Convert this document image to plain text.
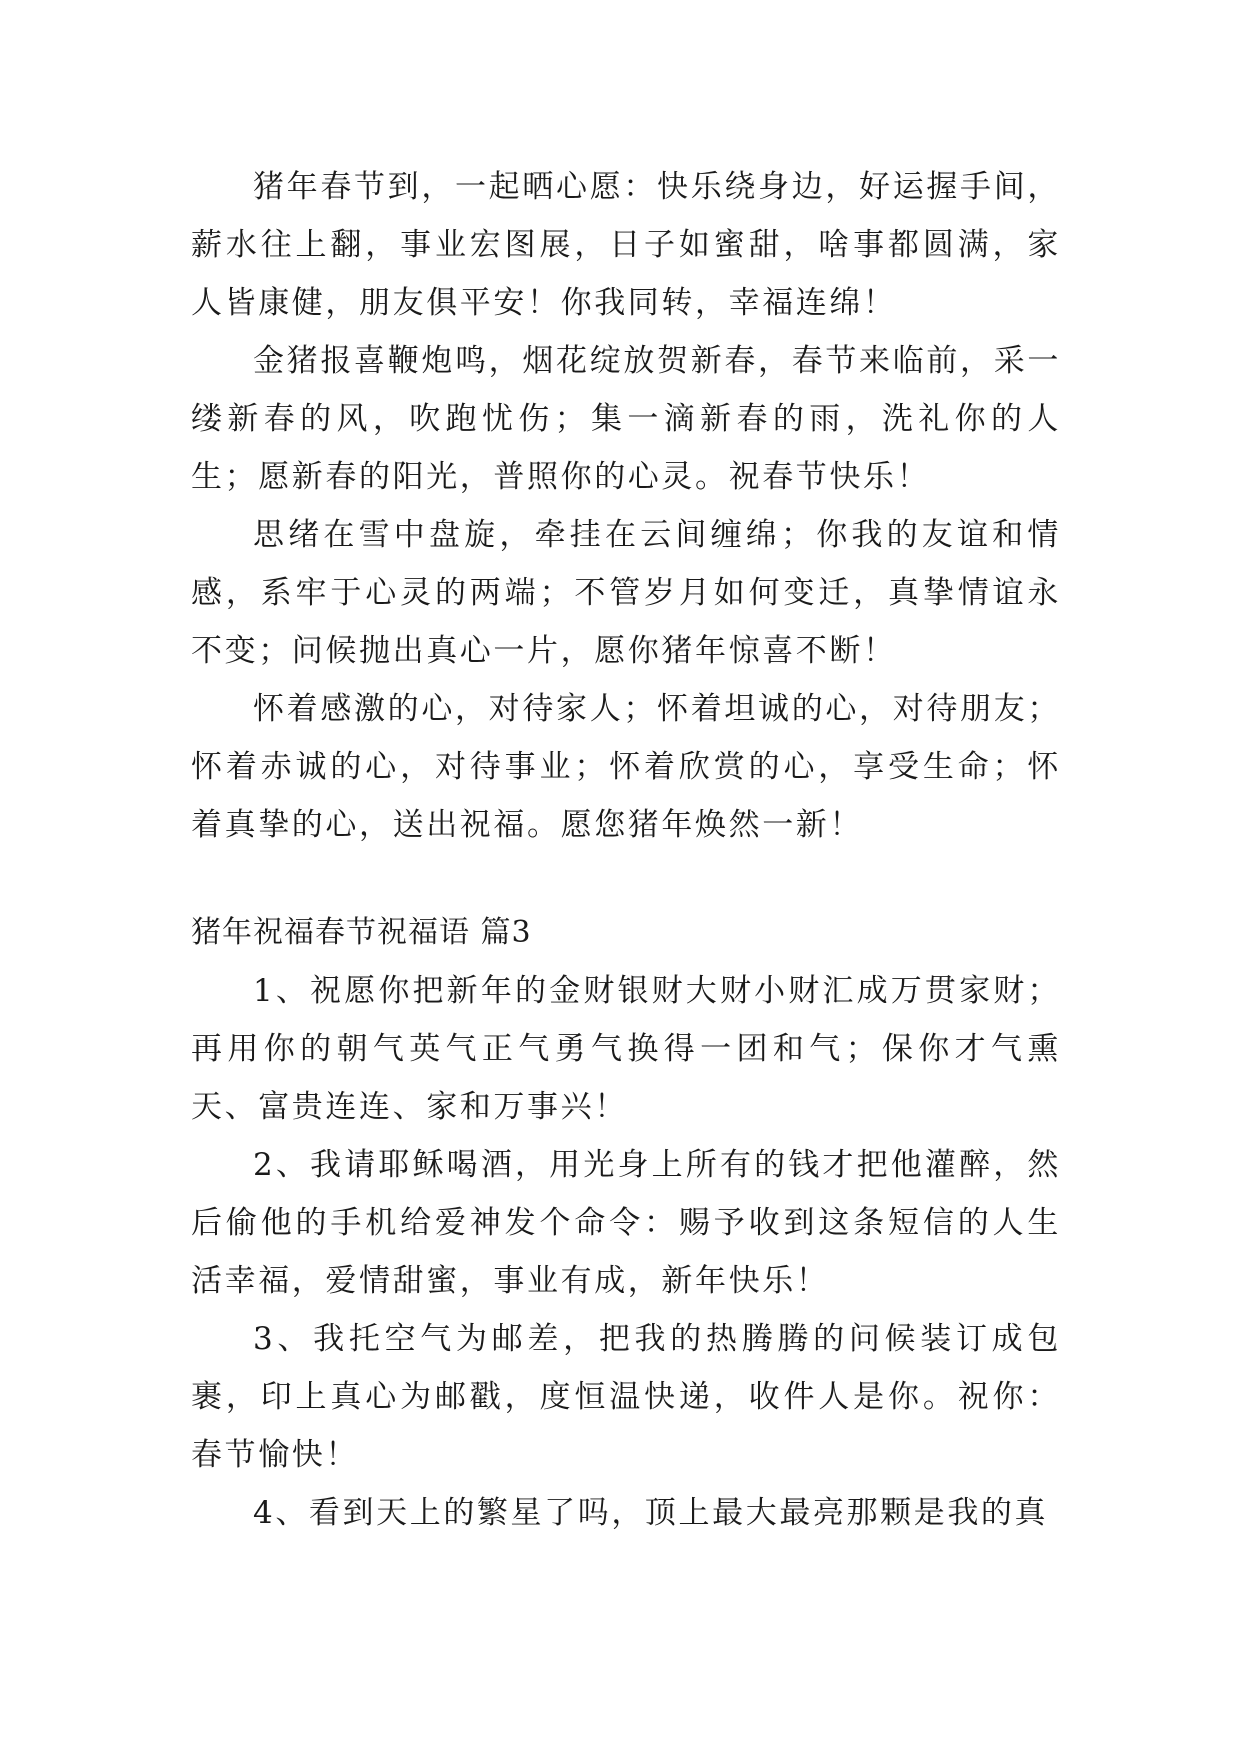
猪年春节到，一起晒心愿：快乐绕身边，好运握手间，薪水往上翻，事业宏图展，日子如蜜甜，啥事都圆满，家人皆康健，朋友俱平安！你我同转，幸福连绵！

金猪报喜鞭炮鸣，烟花绽放贺新春，春节来临前，采一缕新春的风，吹跑忧伤；集一滴新春的雨，洗礼你的人生；愿新春的阳光，普照你的心灵。祝春节快乐！

思绪在雪中盘旋，牵挂在云间缠绵；你我的友谊和情感，系牢于心灵的两端；不管岁月如何变迁，真挚情谊永不变；问候抛出真心一片，愿你猪年惊喜不断！

怀着感激的心，对待家人；怀着坦诚的心，对待朋友；怀着赤诚的心，对待事业；怀着欣赏的心，享受生命；怀着真挚的心，送出祝福。愿您猪年焕然一新！

猪年祝福春节祝福语 篇3

1、祝愿你把新年的金财银财大财小财汇成万贯家财；再用你的朝气英气正气勇气换得一团和气；保你才气熏天、富贵连连、家和万事兴！

2、我请耶稣喝酒，用光身上所有的钱才把他灌醉，然后偷他的手机给爱神发个命令：赐予收到这条短信的人生活幸福，爱情甜蜜，事业有成，新年快乐！

3、我托空气为邮差，把我的热腾腾的问候装订成包裹，印上真心为邮戳，度恒温快递，收件人是你。祝你：春节愉快！

4、看到天上的繁星了吗，顶上最大最亮那颗是我的真
